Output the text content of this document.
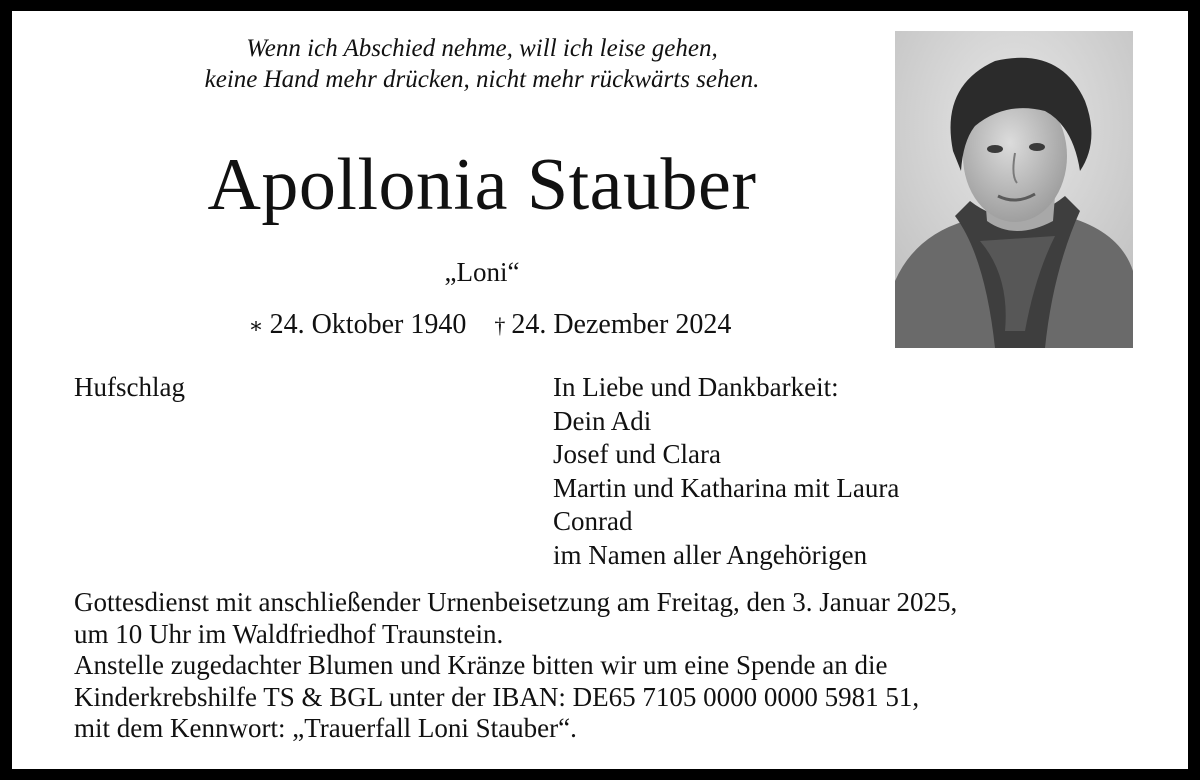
Wenn ich Abschied nehme, will ich leise gehen,
keine Hand mehr drücken, nicht mehr rückwärts sehen.
Apollonia Stauber
„Loni“
∗ 24. Oktober 1940 † 24. Dezember 2024
Hufschlag	In Liebe und Dankbarkeit:
Dein Adi
Josef und Clara
Martin und Katharina mit Laura
Conrad
im Namen aller Angehörigen
Gottesdienst mit anschließender Urnenbeisetzung am Freitag, den 3. Januar 2025,
um 10 Uhr im Waldfriedhof Traunstein.
Anstelle zugedachter Blumen und Kränze bitten wir um eine Spende an die
Kinderkrebshilfe TS & BGL unter der IBAN: DE65 7105 0000 0000 5981 51,
mit dem Kennwort: „Trauerfall Loni Stauber“.
